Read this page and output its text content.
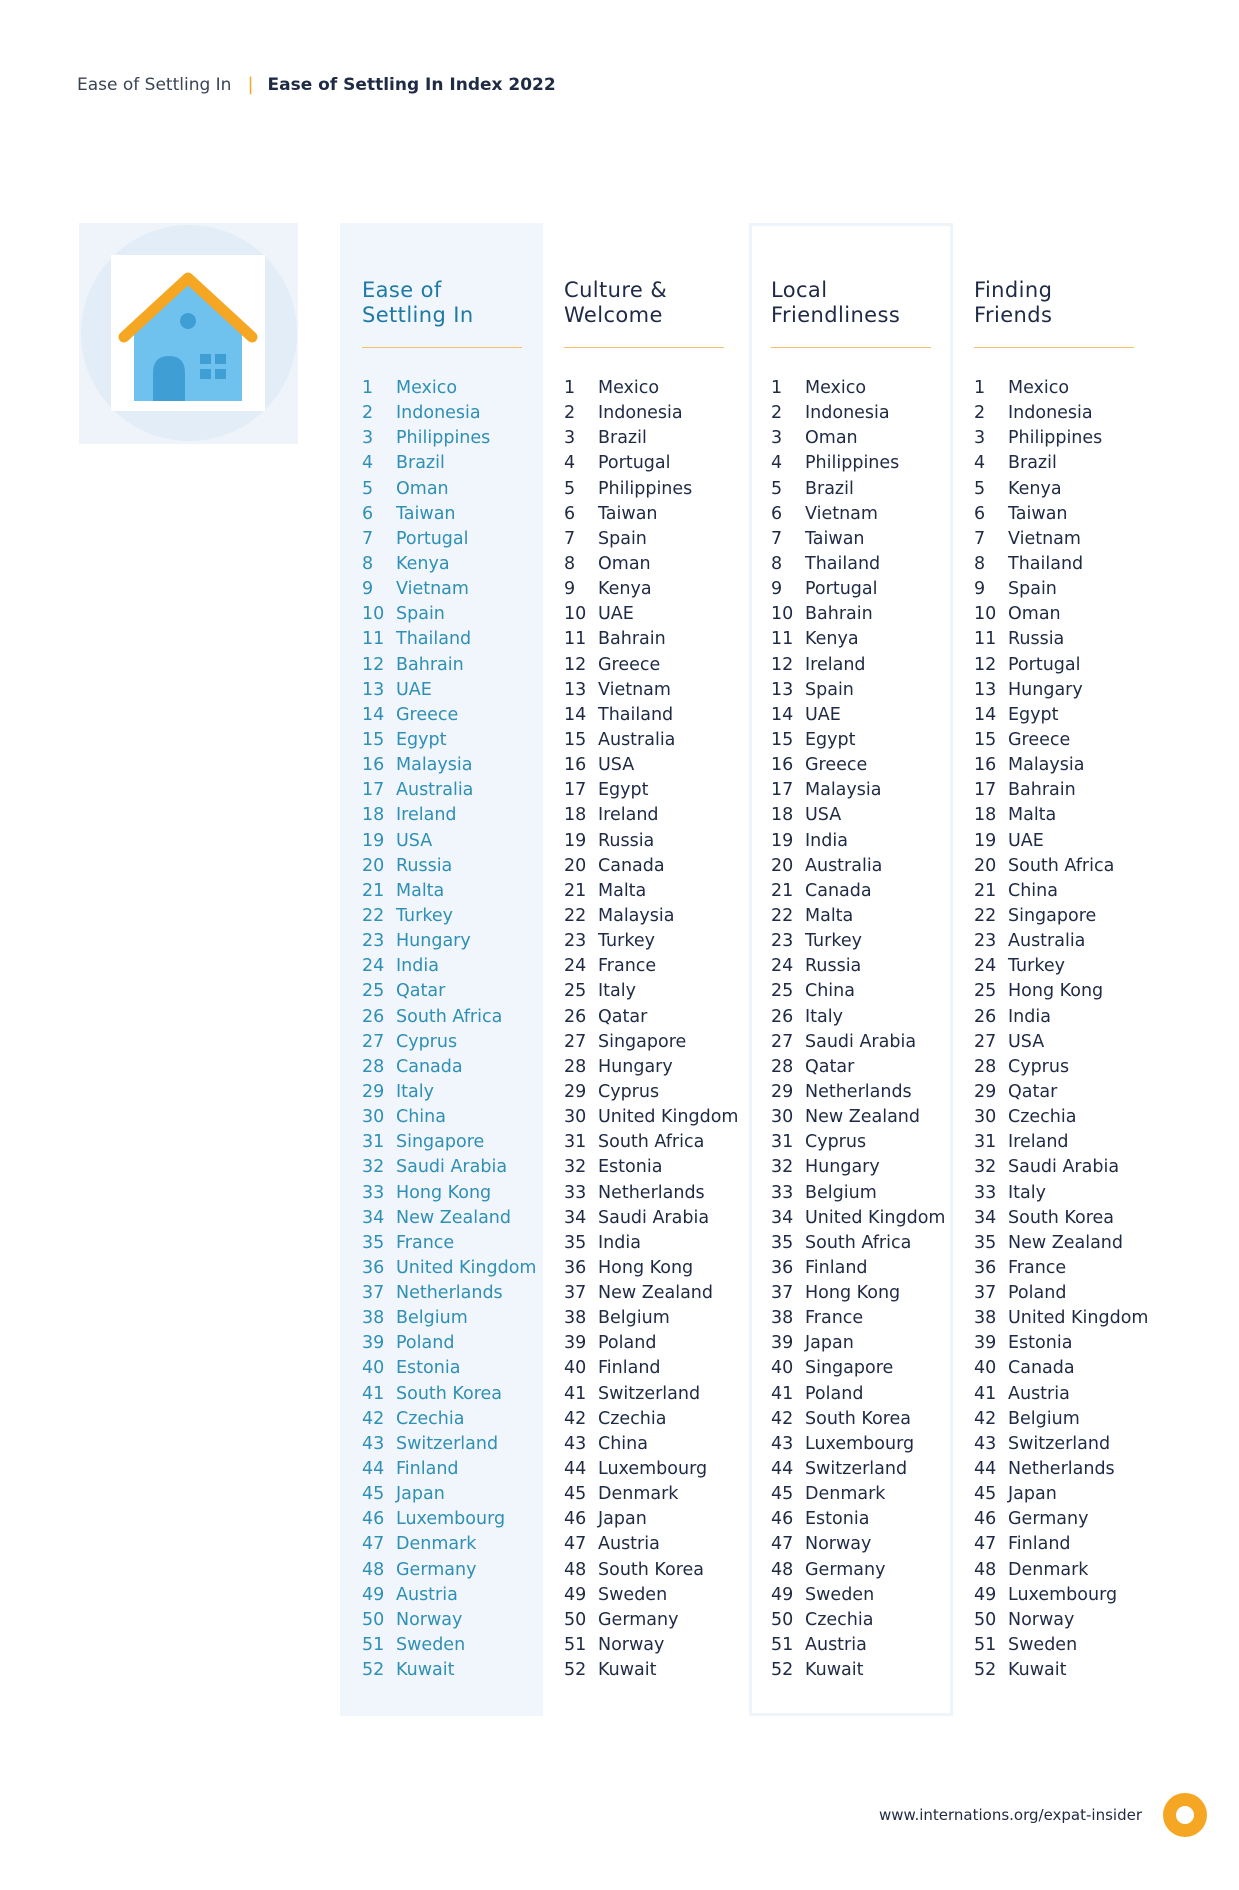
Ease of Settling In | Ease of Settling In Index 2022
Ease of
Settling In
1 Mexico
2 Indonesia
3 Philippines
4 Brazil
5 Oman
6 Taiwan
7 Portugal
8 Kenya
9 Vietnam
10 Spain
11 Thailand
12 Bahrain
13 UAE
14 Greece
15 Egypt
16 Malaysia
17 Australia
18 Ireland
19 USA
20 Russia
21 Malta
22 Turkey
23 Hungary
24 India
25 Qatar
26 South Africa
27 Cyprus
28 Canada
29 Italy
30 China
31 Singapore
32 Saudi Arabia
33 Hong Kong
34 New Zealand
35 France
36 United Kingdom
37 Netherlands
38 Belgium
39 Poland
40 Estonia
41 South Korea
42 Czechia
43 Switzerland
44 Finland
45 Japan
46 Luxembourg
47 Denmark
48 Germany
49 Austria
50 Norway
51 Sweden
52 Kuwait
Culture &
Welcome
1 Mexico
2 Indonesia
3 Brazil
4 Portugal
5 Philippines
6 Taiwan
7 Spain
8 Oman
9 Kenya
10 UAE
11 Bahrain
12 Greece
13 Vietnam
14 Thailand
15 Australia
16 USA
17 Egypt
18 Ireland
19 Russia
20 Canada
21 Malta
22 Malaysia
23 Turkey
24 France
25 Italy
26 Qatar
27 Singapore
28 Hungary
29 Cyprus
30 United Kingdom
31 South Africa
32 Estonia
33 Netherlands
34 Saudi Arabia
35 India
36 Hong Kong
37 New Zealand
38 Belgium
39 Poland
40 Finland
41 Switzerland
42 Czechia
43 China
44 Luxembourg
45 Denmark
46 Japan
47 Austria
48 South Korea
49 Sweden
50 Germany
51 Norway
52 Kuwait
Local
Friendliness
1 Mexico
2 Indonesia
3 Oman
4 Philippines
5 Brazil
6 Vietnam
7 Taiwan
8 Thailand
9 Portugal
10 Bahrain
11 Kenya
12 Ireland
13 Spain
14 UAE
15 Egypt
16 Greece
17 Malaysia
18 USA
19 India
20 Australia
21 Canada
22 Malta
23 Turkey
24 Russia
25 China
26 Italy
27 Saudi Arabia
28 Qatar
29 Netherlands
30 New Zealand
31 Cyprus
32 Hungary
33 Belgium
34 United Kingdom
35 South Africa
36 Finland
37 Hong Kong
38 France
39 Japan
40 Singapore
41 Poland
42 South Korea
43 Luxembourg
44 Switzerland
45 Denmark
46 Estonia
47 Norway
48 Germany
49 Sweden
50 Czechia
51 Austria
52 Kuwait
Finding
Friends
1 Mexico
2 Indonesia
3 Philippines
4 Brazil
5 Kenya
6 Taiwan
7 Vietnam
8 Thailand
9 Spain
10 Oman
11 Russia
12 Portugal
13 Hungary
14 Egypt
15 Greece
16 Malaysia
17 Bahrain
18 Malta
19 UAE
20 South Africa
21 China
22 Singapore
23 Australia
24 Turkey
25 Hong Kong
26 India
27 USA
28 Cyprus
29 Qatar
30 Czechia
31 Ireland
32 Saudi Arabia
33 Italy
34 South Korea
35 New Zealand
36 France
37 Poland
38 United Kingdom
39 Estonia
40 Canada
41 Austria
42 Belgium
43 Switzerland
44 Netherlands
45 Japan
46 Germany
47 Finland
48 Denmark
49 Luxembourg
50 Norway
51 Sweden
52 Kuwait
www.internations.org/expat-insider
